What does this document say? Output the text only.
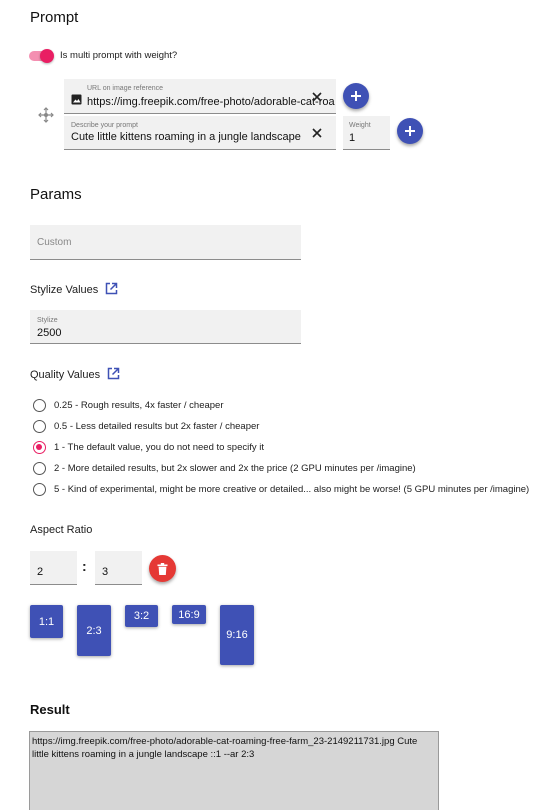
Prompt
Is multi prompt with weight?
URL on image reference
https://img.freepik.com/free-photo/adorable-cat-roa
Describe your prompt
Cute little kittens roaming in a jungle landscape
Weight
1
Params
Custom
Stylize Values
Stylize
2500
Quality Values
0.25 - Rough results, 4x faster / cheaper
0.5 - Less detailed results but 2x faster / cheaper
1 - The default value, you do not need to specify it
2 - More detailed results, but 2x slower and 2x the price (2 GPU minutes per /imagine)
5 - Kind of experimental, might be more creative or detailed... also might be worse! (5 GPU minutes per /imagine)
Aspect Ratio
2	: 3
1:1
2:3
3:2	16:9
9:16
Result
https://img.freepik.com/free-photo/adorable-cat-roaming-free-farm_23-2149211731.jpg Cute little kittens roaming in a jungle landscape ::1 --ar 2:3
